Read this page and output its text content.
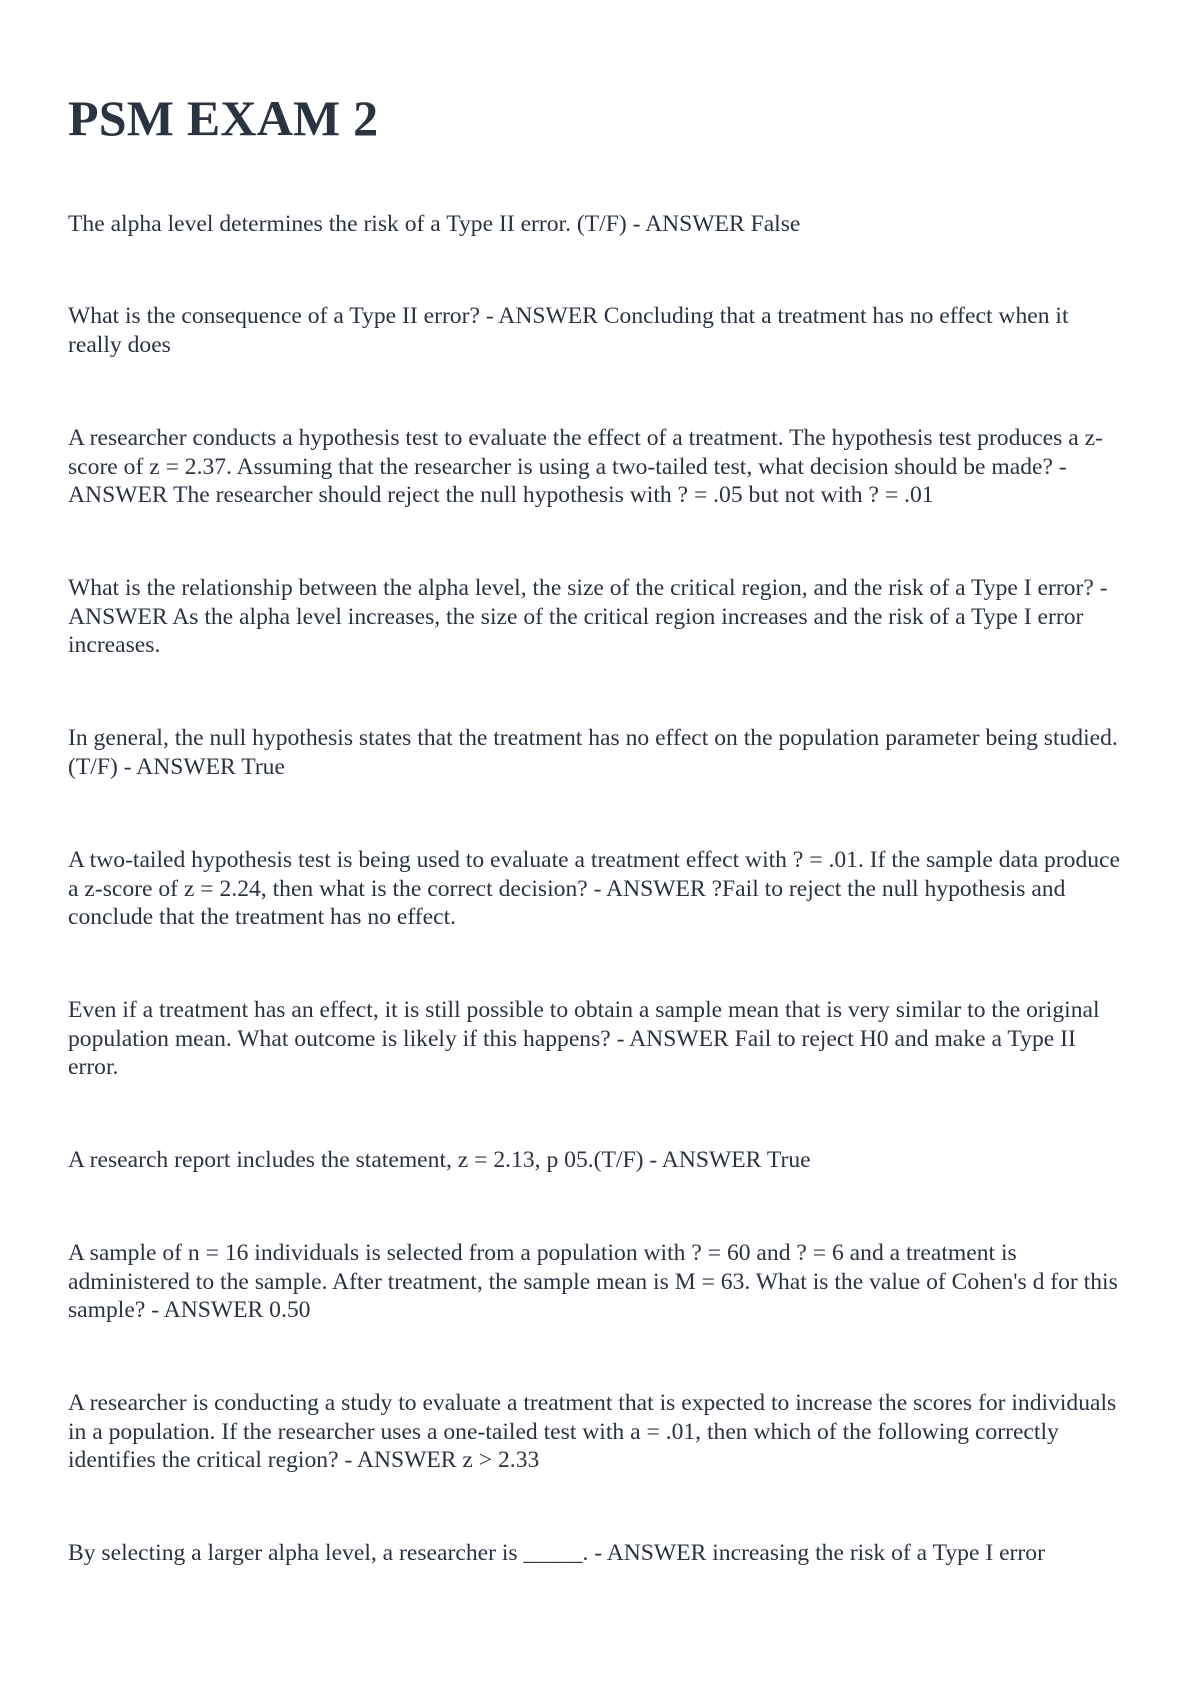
PSM EXAM 2

The alpha level determines the risk of a Type II error. (T/F) - ANSWER False

What is the consequence of a Type II error? - ANSWER Concluding that a treatment has no effect when it really does

A researcher conducts a hypothesis test to evaluate the effect of a treatment. The hypothesis test produces a z-score of z = 2.37. Assuming that the researcher is using a two-tailed test, what decision should be made? - ANSWER The researcher should reject the null hypothesis with ? = .05 but not with ? = .01

What is the relationship between the alpha level, the size of the critical region, and the risk of a Type I error? - ANSWER As the alpha level increases, the size of the critical region increases and the risk of a Type I error increases.

In general, the null hypothesis states that the treatment has no effect on the population parameter being studied. (T/F) - ANSWER True

A two-tailed hypothesis test is being used to evaluate a treatment effect with ? = .01. If the sample data produce a z-score of z = 2.24, then what is the correct decision? - ANSWER ?Fail to reject the null hypothesis and conclude that the treatment has no effect.

Even if a treatment has an effect, it is still possible to obtain a sample mean that is very similar to the original population mean. What outcome is likely if this happens? - ANSWER Fail to reject H0 and make a Type II error.

A research report includes the statement, z = 2.13, p 05.(T/F) - ANSWER True

A sample of n = 16 individuals is selected from a population with ? = 60 and ? = 6 and a treatment is administered to the sample. After treatment, the sample mean is M = 63. What is the value of Cohen's d for this sample? - ANSWER 0.50

A researcher is conducting a study to evaluate a treatment that is expected to increase the scores for individuals in a population. If the researcher uses a one-tailed test with a = .01, then which of the following correctly identifies the critical region? - ANSWER z > 2.33

By selecting a larger alpha level, a researcher is _____. - ANSWER increasing the risk of a Type I error
